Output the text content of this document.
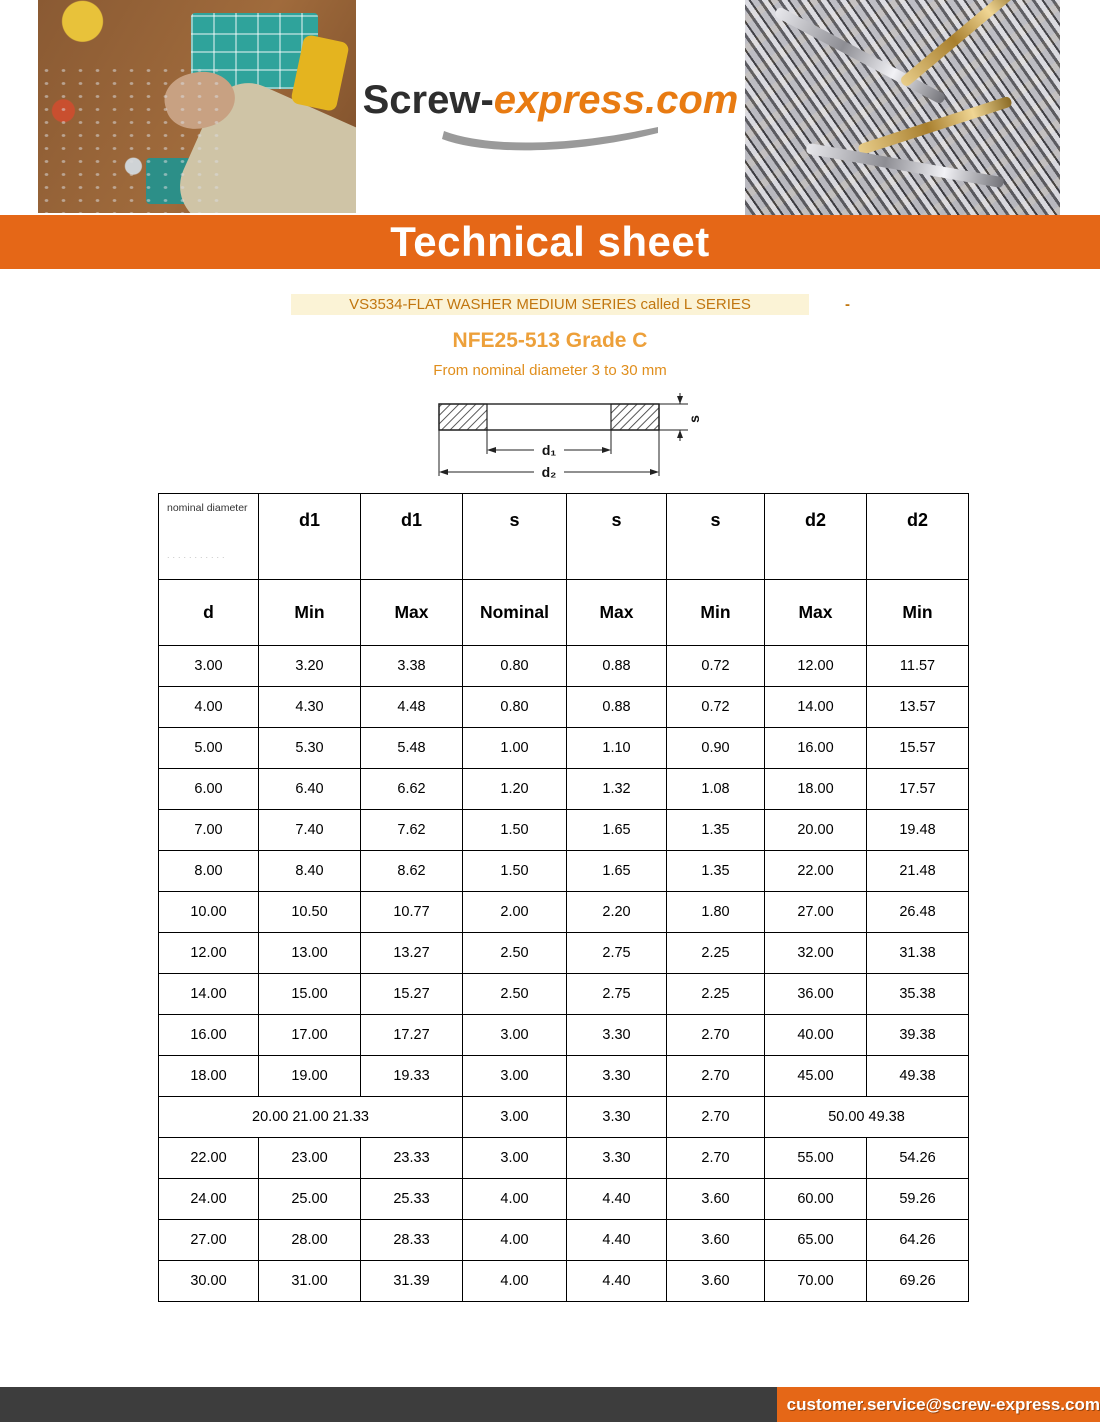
Screw-express.com
Technical sheet
VS3534-FLAT WASHER MEDIUM SERIES called L SERIES	-
NFE25-513 Grade C
From nominal diameter 3 to 30 mm
d₁
d₂
s
nominal diameter
...........	d1	d1	s	s	s	d2	d2
d	Min	Max	Nominal	Max	Min	Max	Min
3.00	3.20	3.38	0.80	0.88	0.72	12.00	11.57
4.00	4.30	4.48	0.80	0.88	0.72	14.00	13.57
5.00	5.30	5.48	1.00	1.10	0.90	16.00	15.57
6.00	6.40	6.62	1.20	1.32	1.08	18.00	17.57
7.00	7.40	7.62	1.50	1.65	1.35	20.00	19.48
8.00	8.40	8.62	1.50	1.65	1.35	22.00	21.48
10.00	10.50	10.77	2.00	2.20	1.80	27.00	26.48
12.00	13.00	13.27	2.50	2.75	2.25	32.00	31.38
14.00	15.00	15.27	2.50	2.75	2.25	36.00	35.38
16.00	17.00	17.27	3.00	3.30	2.70	40.00	39.38
18.00	19.00	19.33	3.00	3.30	2.70	45.00	49.38
20.00 21.00 21.33			3.00	3.30	2.70	50.00 49.38	
22.00	23.00	23.33	3.00	3.30	2.70	55.00	54.26
24.00	25.00	25.33	4.00	4.40	3.60	60.00	59.26
27.00	28.00	28.33	4.00	4.40	3.60	65.00	64.26
30.00	31.00	31.39	4.00	4.40	3.60	70.00	69.26
customer.service@screw-express.com
